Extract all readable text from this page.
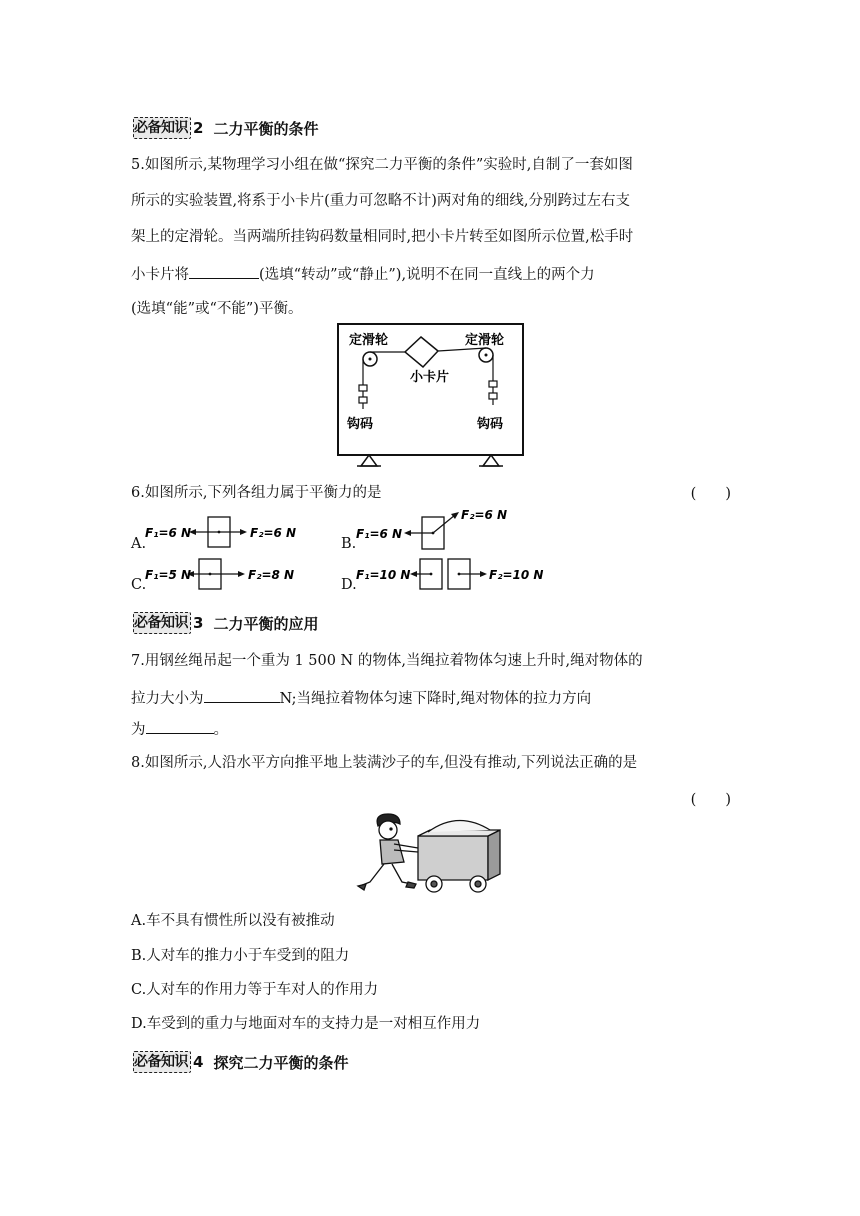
必备知识 2 二力平衡的条件
5.如图所示,某物理学习小组在做“探究二力平衡的条件”实验时,自制了一套如图
所示的实验装置,将系于小卡片(重力可忽略不计)两对角的细线,分别跨过左右支
架上的定滑轮。当两端所挂钩码数量相同时,把小卡片转至如图所示位置,松手时
小卡片将	(选填“转动”或“静止”),说明不在同一直线上的两个力
(选填“能”或“不能”)平衡。
定滑轮	定滑轮
小卡片
钩码	钩码
6.如图所示,下列各组力属于平衡力的是	(　　)
A.
F₁=6 N	F₂=6 N
B.
F₁=6 N
F₂=6 N
C.
F₁=5 N	F₂=8 N
D.
F₁=10 N	F₂=10 N
必备知识 3 二力平衡的应用
7.用钢丝绳吊起一个重为 1 500 N 的物体,当绳拉着物体匀速上升时,绳对物体的
拉力大小为	N;当绳拉着物体匀速下降时,绳对物体的拉力方向
为	。
8.如图所示,人沿水平方向推平地上装满沙子的车,但没有推动,下列说法正确的是
(　　)
A.车不具有惯性所以没有被推动
B.人对车的推力小于车受到的阻力
C.人对车的作用力等于车对人的作用力
D.车受到的重力与地面对车的支持力是一对相互作用力
必备知识 4 探究二力平衡的条件
